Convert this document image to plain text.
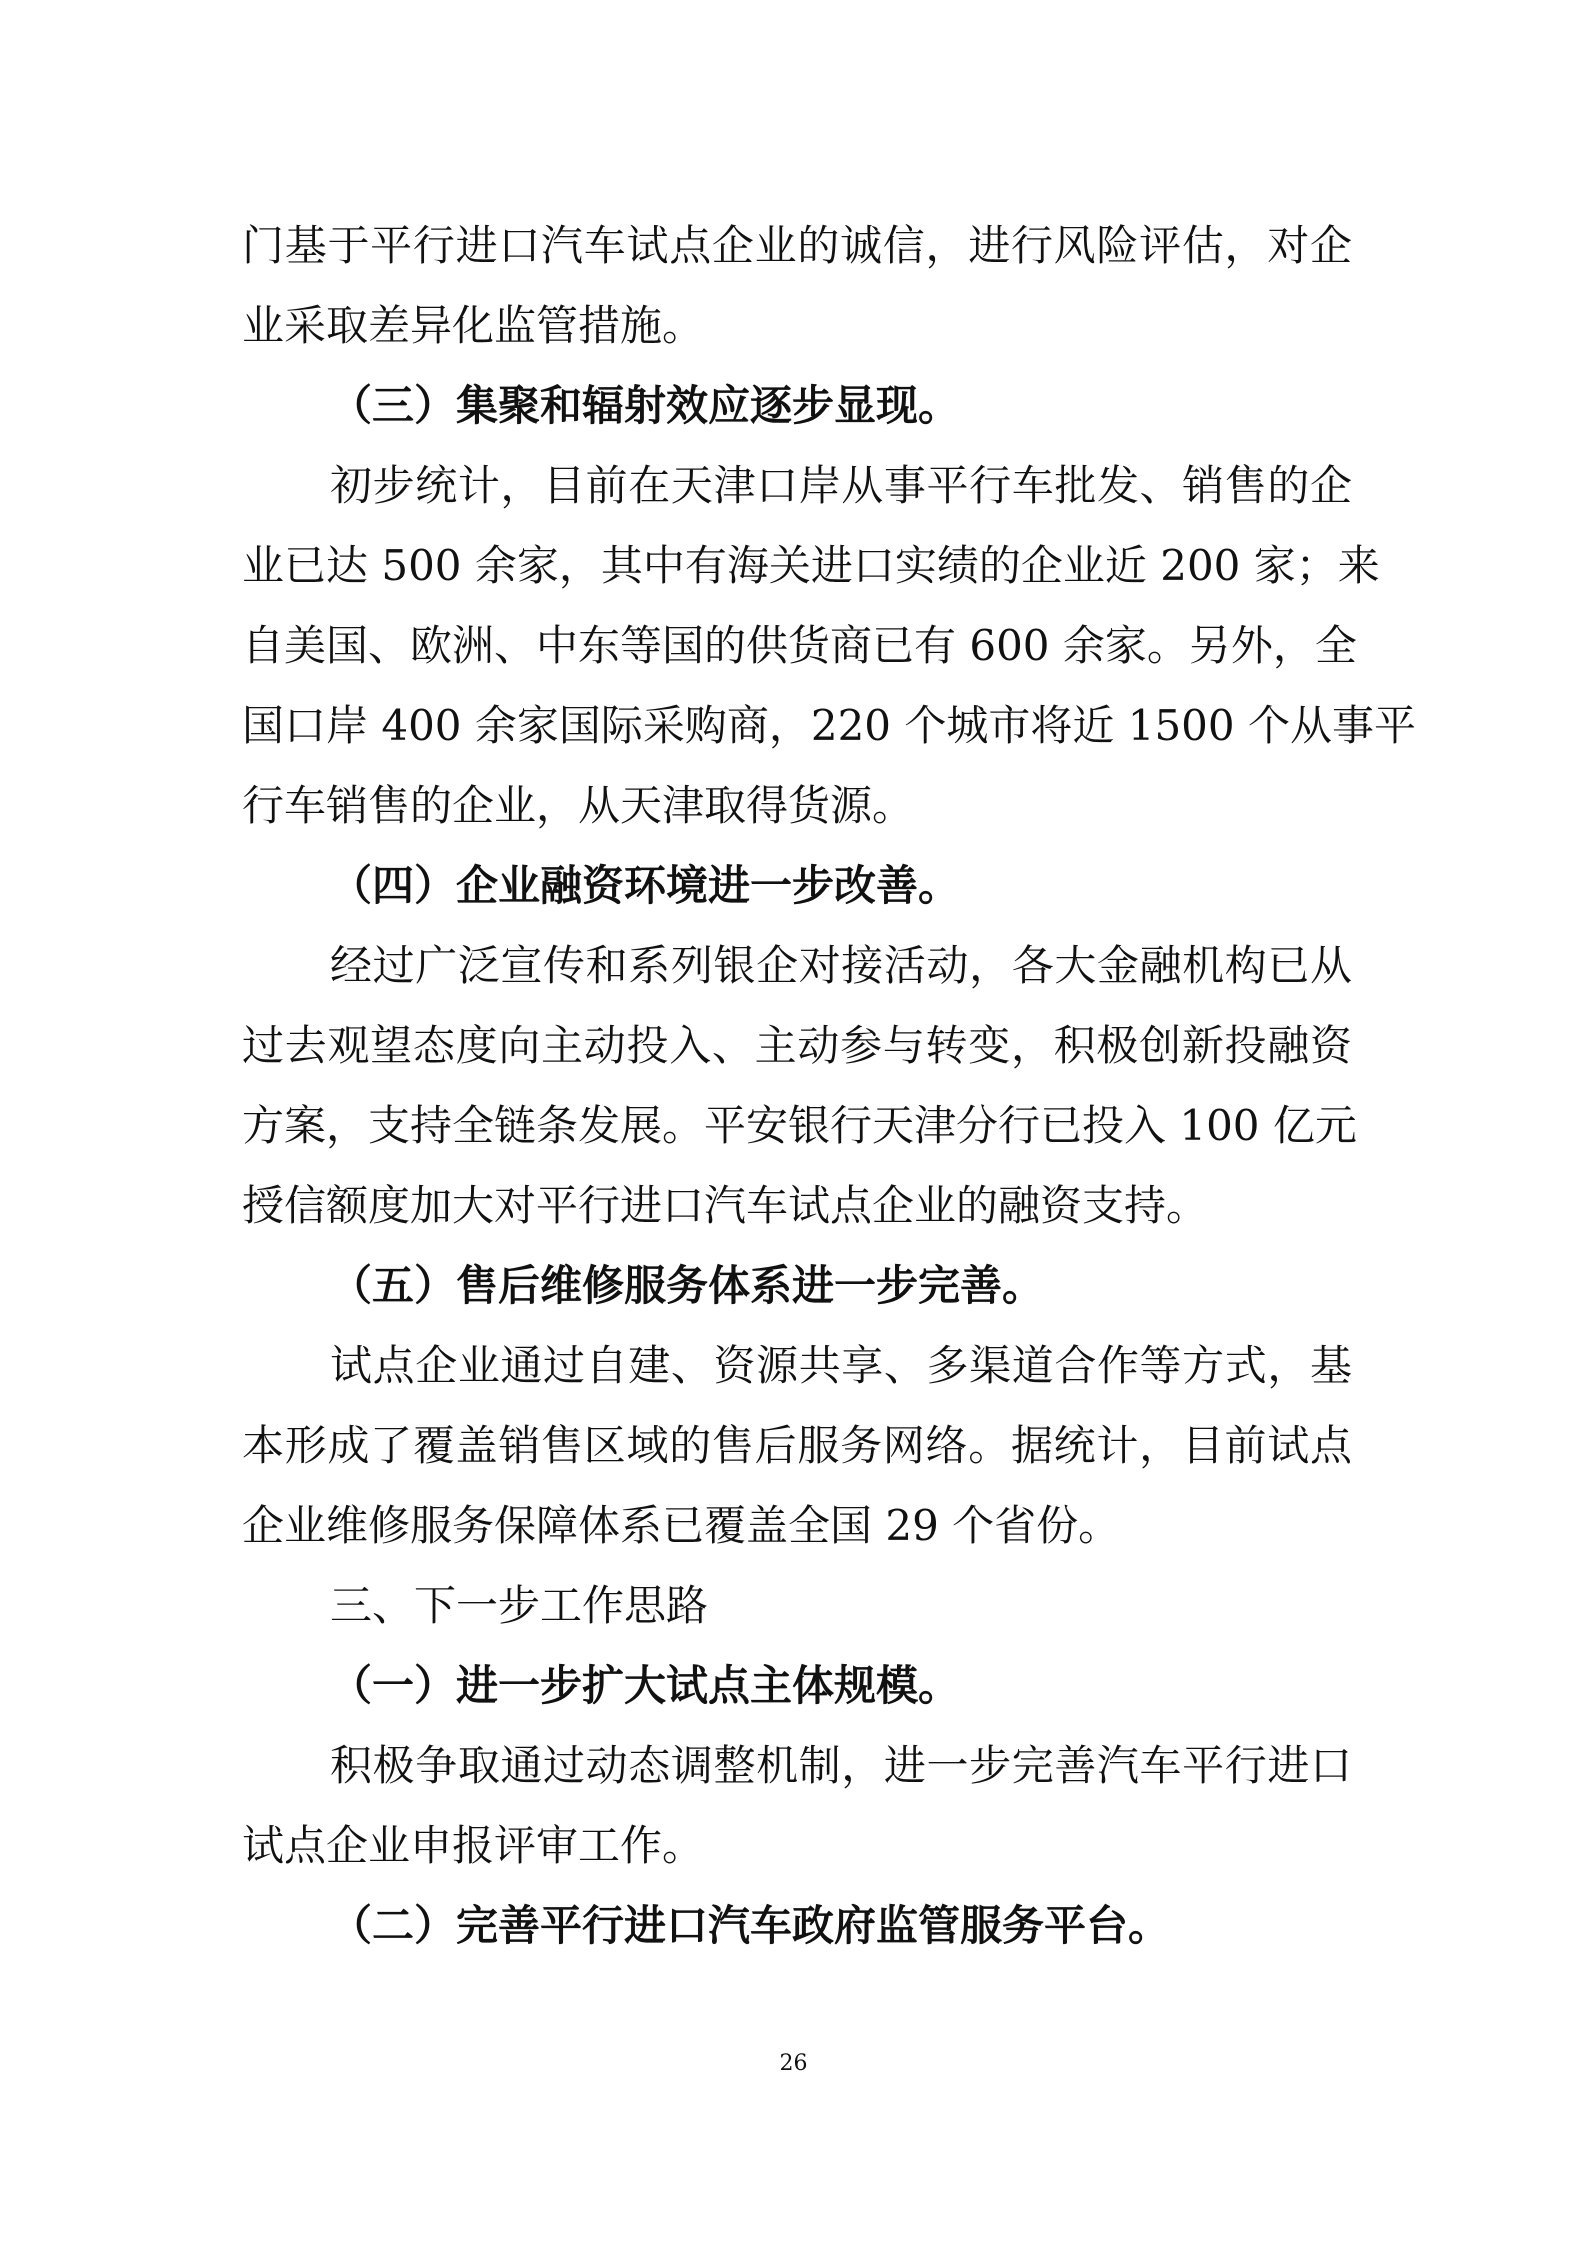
门基于平行进口汽车试点企业的诚信，进行风险评估，对企
业采取差异化监管措施。
（三）集聚和辐射效应逐步显现。
初步统计，目前在天津口岸从事平行车批发、销售的企
业已达 500 余家，其中有海关进口实绩的企业近 200 家；来
自美国、欧洲、中东等国的供货商已有 600 余家。另外，全
国口岸 400 余家国际采购商，220 个城市将近 1500 个从事平
行车销售的企业，从天津取得货源。
（四）企业融资环境进一步改善。
经过广泛宣传和系列银企对接活动，各大金融机构已从
过去观望态度向主动投入、主动参与转变，积极创新投融资
方案，支持全链条发展。平安银行天津分行已投入 100 亿元
授信额度加大对平行进口汽车试点企业的融资支持。
（五）售后维修服务体系进一步完善。
试点企业通过自建、资源共享、多渠道合作等方式，基
本形成了覆盖销售区域的售后服务网络。据统计，目前试点
企业维修服务保障体系已覆盖全国 29 个省份。
三、下一步工作思路
（一）进一步扩大试点主体规模。
积极争取通过动态调整机制，进一步完善汽车平行进口
试点企业申报评审工作。
（二）完善平行进口汽车政府监管服务平台。
26
